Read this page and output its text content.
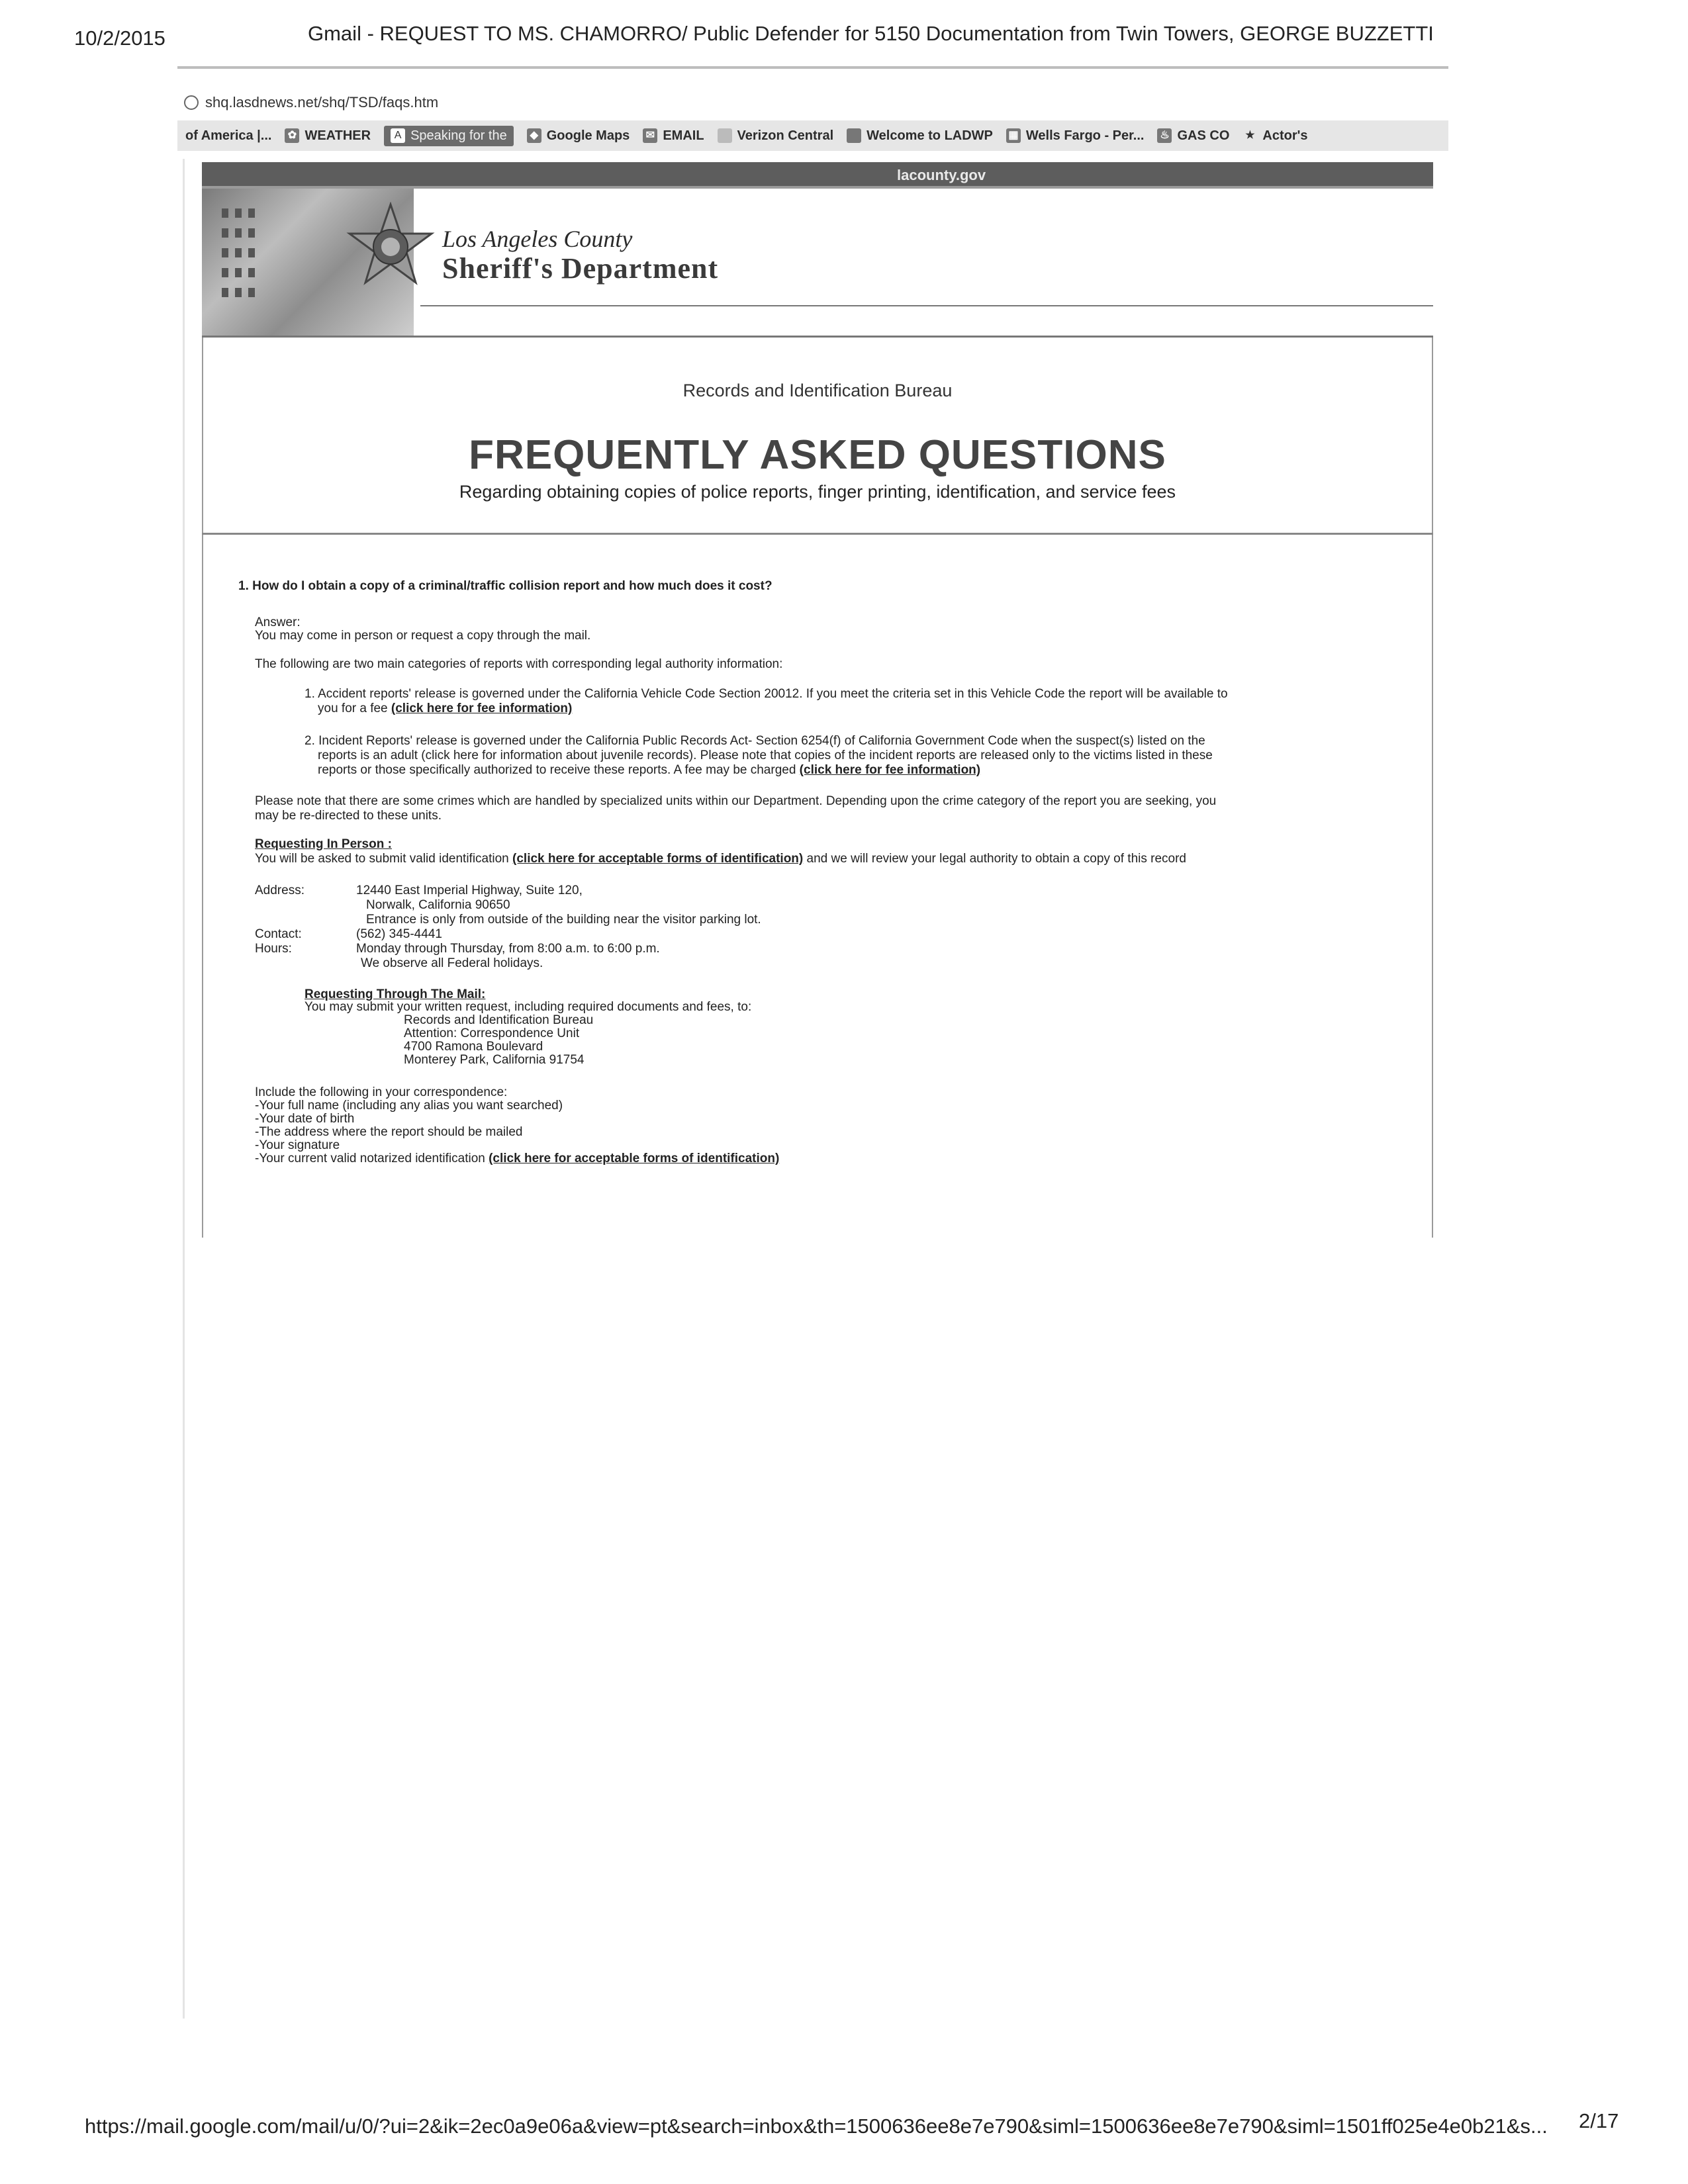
10/2/2015	Gmail - REQUEST TO MS. CHAMORRO/ Public Defender for 5150 Documentation from Twin Towers, GEORGE BUZZETTI
shq.lasdnews.net/shq/TSD/faqs.htm
of America |... ✿ WEATHER	A Speaking for the	◆ Google Maps ✉ EMAIL	Verizon Central	Welcome to LADWP ▦ Wells Fargo - Per... ♨ GAS CO ★ Actor's
lacounty.gov
Los Angeles County
Sheriff's Department
Records and Identification Bureau
FREQUENTLY ASKED QUESTIONS
Regarding obtaining copies of police reports, finger printing, identification, and service fees
1. How do I obtain a copy of a criminal/traffic collision report and how much does it cost?
Answer:
You may come in person or request a copy through the mail.
The following are two main categories of reports with corresponding legal authority information:
1. Accident reports' release is governed under the California Vehicle Code Section 20012. If you meet the criteria set in this Vehicle Code the report will be available to
you for a fee (click here for fee information)
2. Incident Reports' release is governed under the California Public Records Act- Section 6254(f) of California Government Code when the suspect(s) listed on the
reports is an adult (click here for information about juvenile records). Please note that copies of the incident reports are released only to the victims listed in these
reports or those specifically authorized to receive these reports. A fee may be charged (click here for fee information)
Please note that there are some crimes which are handled by specialized units within our Department. Depending upon the crime category of the report you are seeking, you
may be re-directed to these units.
Requesting In Person :
You will be asked to submit valid identification (click here for acceptable forms of identification) and we will review your legal authority to obtain a copy of this record
Address:	12440 East Imperial Highway, Suite 120,
Norwalk, California 90650
Entrance is only from outside of the building near the visitor parking lot.
Contact:	(562) 345-4441
Hours:	Monday through Thursday, from 8:00 a.m. to 6:00 p.m.
We observe all Federal holidays.
Requesting Through The Mail:
You may submit your written request, including required documents and fees, to:
Records and Identification Bureau
Attention: Correspondence Unit
4700 Ramona Boulevard
Monterey Park, California 91754
Include the following in your correspondence:
-Your full name (including any alias you want searched)
-Your date of birth
-The address where the report should be mailed
-Your signature
-Your current valid notarized identification (click here for acceptable forms of identification)
https://mail.google.com/mail/u/0/?ui=2&ik=2ec0a9e06a&view=pt&search=inbox&th=1500636ee8e7e790&siml=1500636ee8e7e790&siml=1501ff025e4e0b21&s... 2/17
